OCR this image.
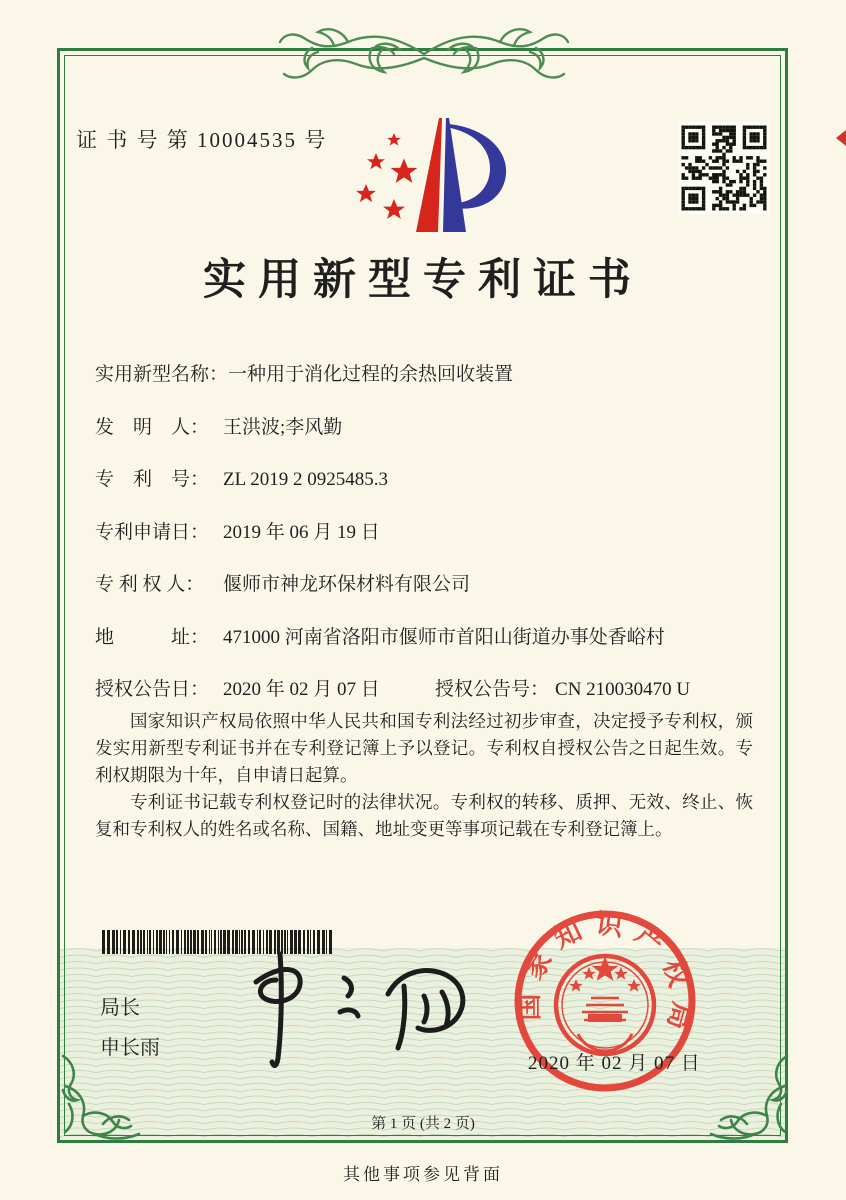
证 书 号 第 10004535 号
实用新型专利证书
实用新型名称： 一种用于消化过程的余热回收装置
发　明　人： 王洪波;李风勤
专　利　号： ZL 2019 2 0925485.3
专利申请日： 2019 年 06 月 19 日
专 利 权 人： 偃师市神龙环保材料有限公司
地　　　址： 471000 河南省洛阳市偃师市首阳山街道办事处香峪村
授权公告日： 2020 年 02 月 07 日	授权公告号： CN 210030470 U

国家知识产权局依照中华人民共和国专利法经过初步审查，决定授予专利权，颁发实用新型专利证书并在专利登记簿上予以登记。专利权自授权公告之日起生效。专利权期限为十年，自申请日起算。

专利证书记载专利权登记时的法律状况。专利权的转移、质押、无效、终止、恢复和专利权人的姓名或名称、国籍、地址变更等事项记载在专利登记簿上。

局长
申长雨
国家知识产权局
2020 年 02 月 07 日
第 1 页 (共 2 页)
其他事项参见背面
